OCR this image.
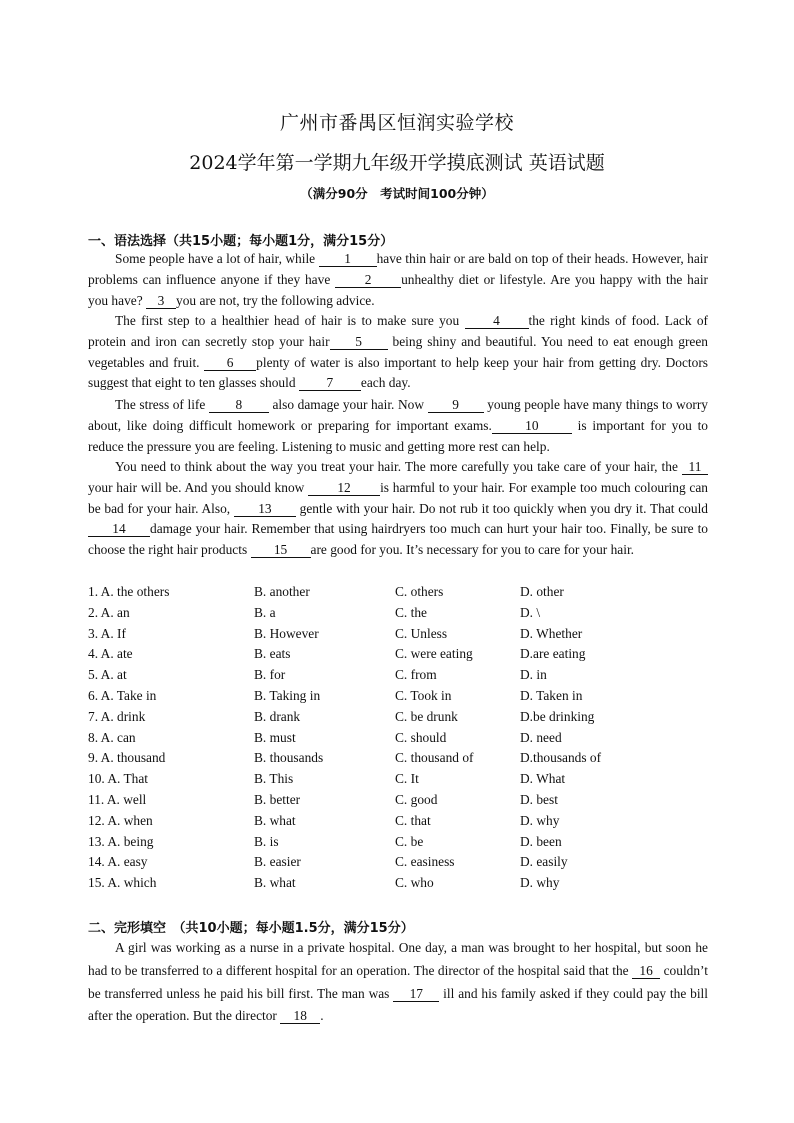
广州市番禺区恒润实验学校
2024学年第一学期九年级开学摸底测试 英语试题
（满分90分　考试时间100分钟）
一、语法选择（共15小题；每小题1分，满分15分）

Some people have a lot of hair, while 1 have thin hair or are bald on top of their heads. However, hair problems can influence anyone if they have 2 unhealthy diet or lifestyle. Are you happy with the hair you have? 3 you are not, try the following advice.

The first step to a healthier head of hair is to make sure you 4 the right kinds of food. Lack of protein and iron can secretly stop your hair 5 being shiny and beautiful. You need to eat enough green vegetables and fruit. 6 plenty of water is also important to help keep your hair from getting dry. Doctors suggest that eight to ten glasses should 7 each day.

The stress of life 8 also damage your hair. Now 9 young people have many things to worry about, like doing difficult homework or preparing for important exams. 10 is important for you to reduce the pressure you are feeling. Listening to music and getting more rest can help.

You need to think about the way you treat your hair. The more carefully you take care of your hair, the 11your hair will be. And you should know 12 is harmful to your hair. For example too much colouring can be bad for your hair. Also, 13 gentle with your hair. Do not rub it too quickly when you dry it. That could 14 damage your hair. Remember that using hairdryers too much can hurt your hair too. Finally, be sure to choose the right hair products 15 are good for you. It’s necessary for you to care for your hair.

1. A. the others	B. another	C. others	D. other
2. A. an	B. a	C. the	D. \
3. A. If	B. However	C. Unless	D. Whether
4. A. ate	B. eats	C. were eating	D.are eating
5. A. at	B. for	C. from	D. in
6. A. Take in	B. Taking in	C. Took in	D. Taken in
7. A. drink	B. drank	C. be drunk	D.be drinking
8. A. can	B. must	C. should	D. need
9. A. thousand	B. thousands	C. thousand of	D.thousands of
10. A. That	B. This	C. It	D. What
11. A. well	B. better	C. good	D. best
12. A. when	B. what	C. that	D. why
13. A. being	B. is	C. be	D. been
14. A. easy	B. easier	C. easiness	D. easily
15. A. which	B. what	C. who	D. why
二、完形填空　（共10小题；每小题1.5分，满分15分）

A girl was working as a nurse in a private hospital. One day, a man was brought to her hospital, but soon he had to be transferred to a different hospital for an operation. The director of the hospital said that the 16 couldn’t be transferred unless he paid his bill first. The man was 17 ill and his family asked if they could pay the bill after the operation. But the director 18 .
